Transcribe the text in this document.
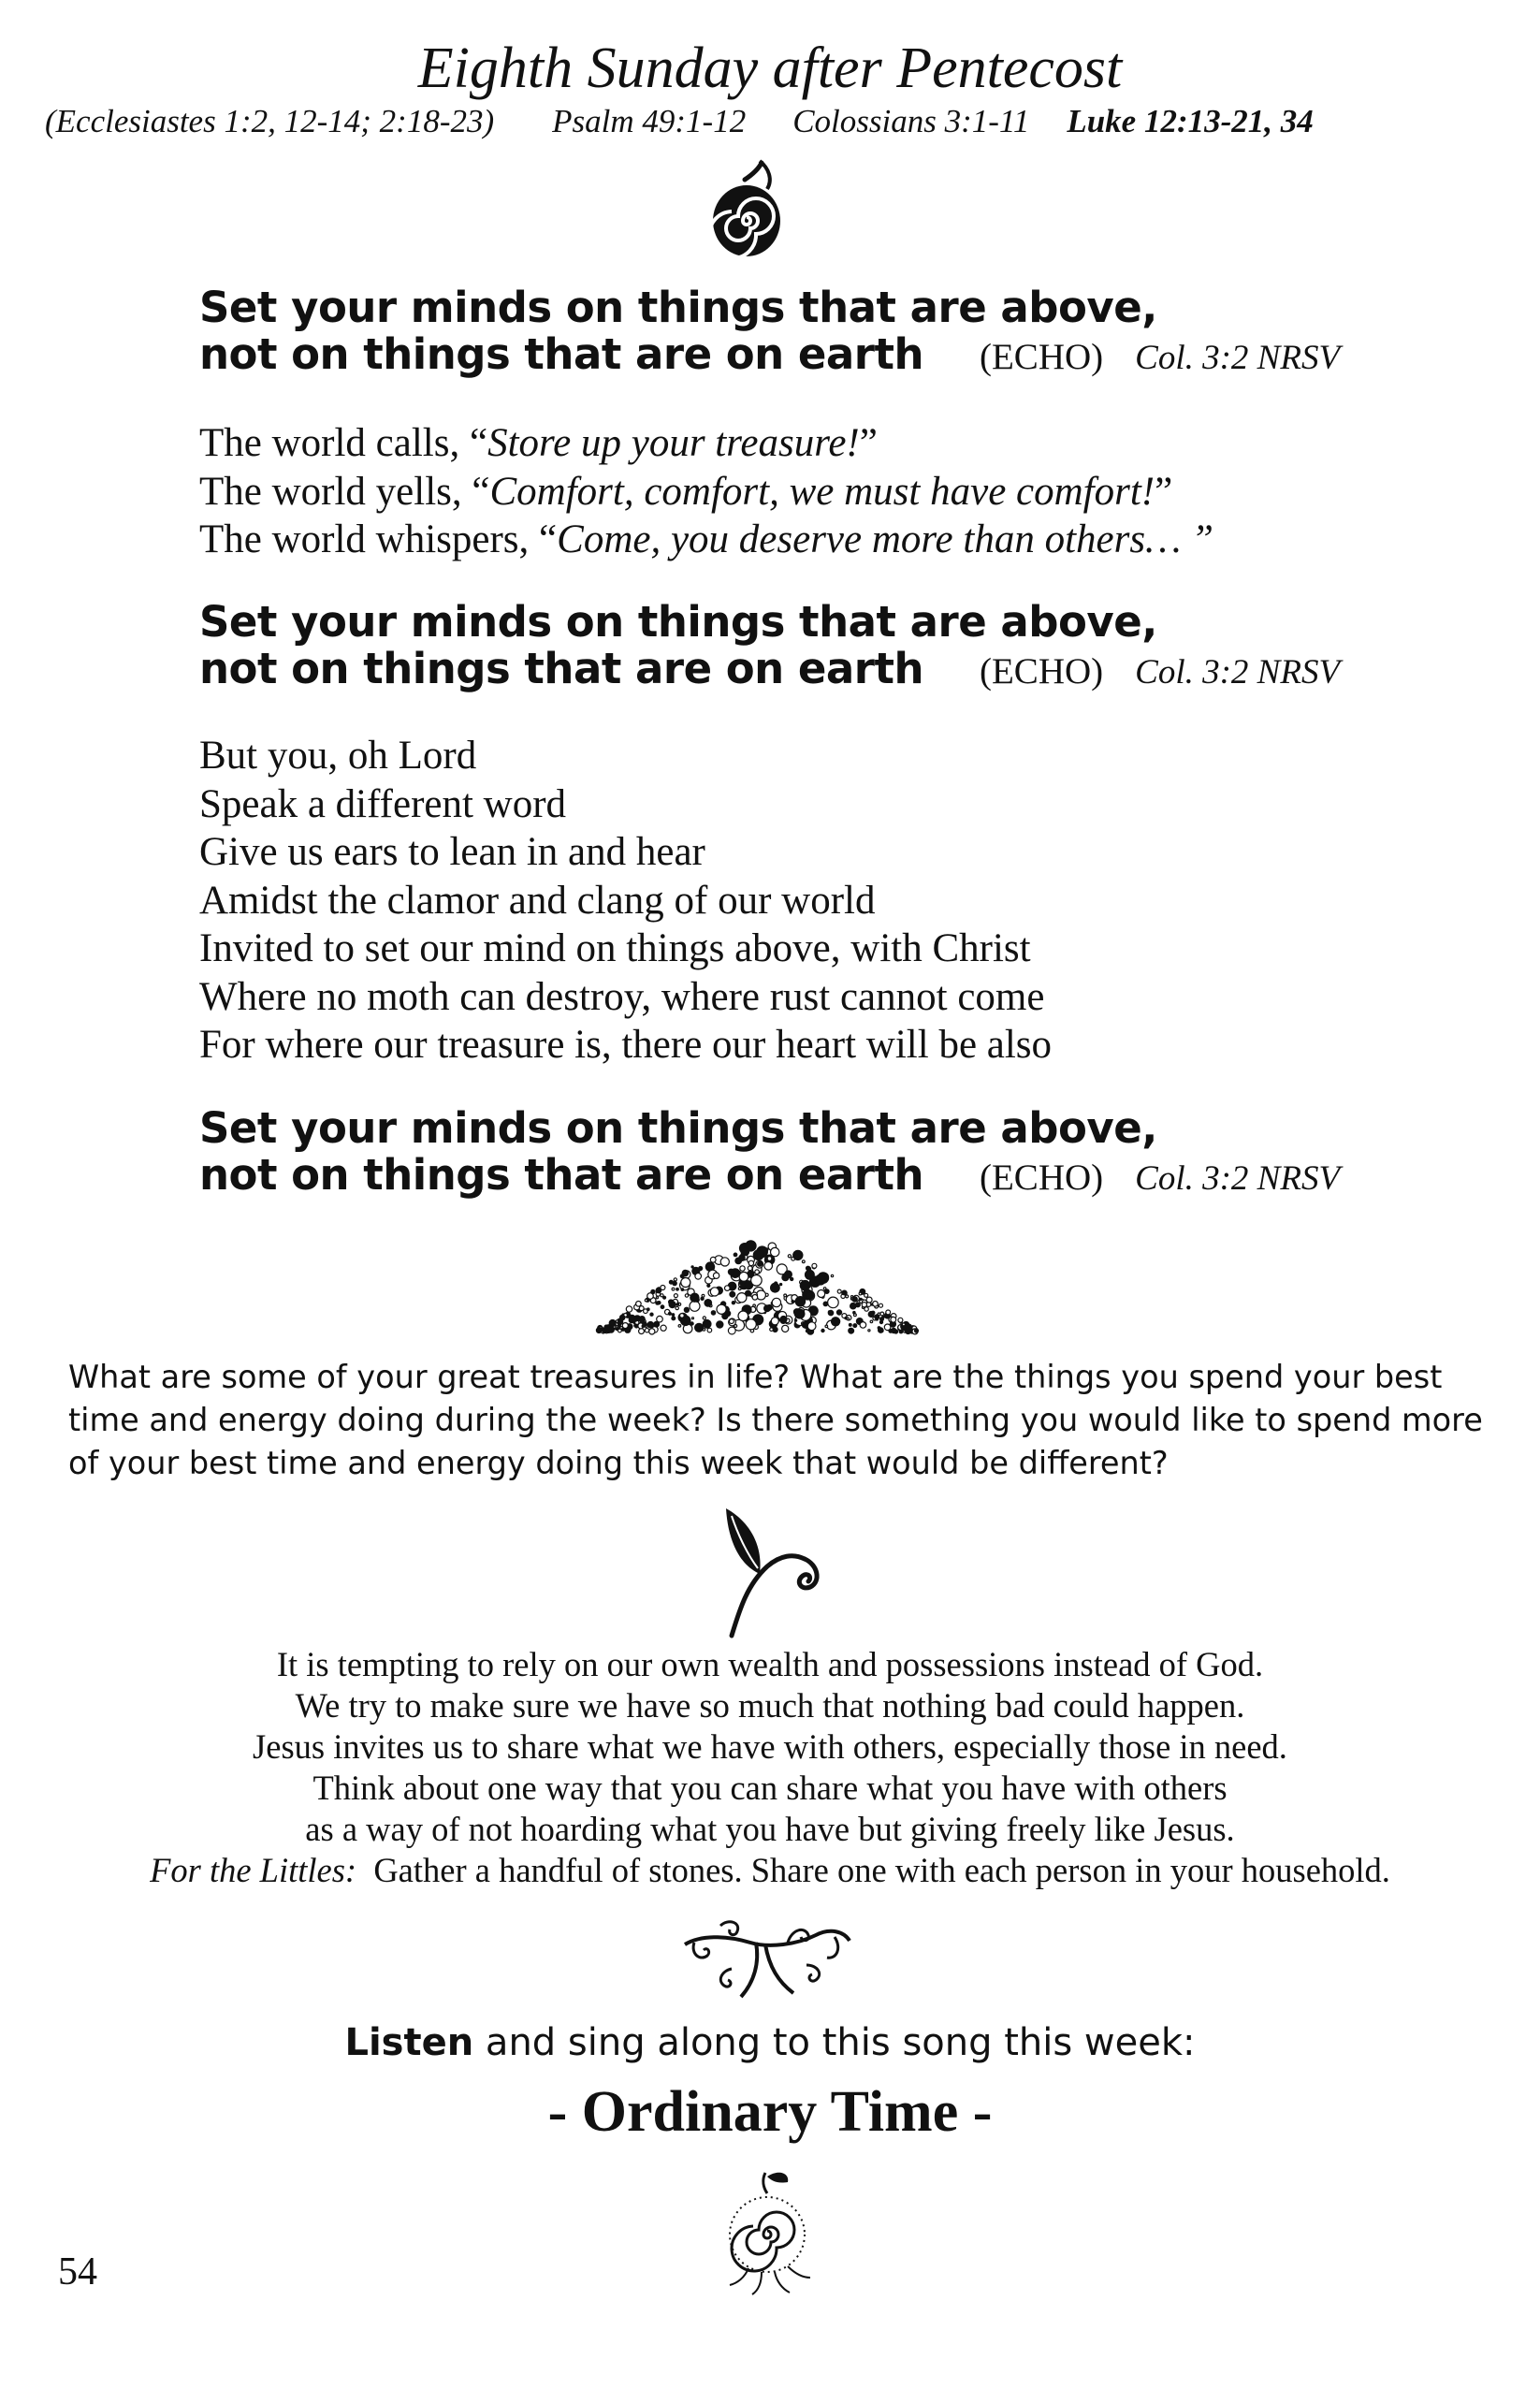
Eighth Sunday after Pentecost
(Ecclesiastes 1:2, 12-14; 2:18-23) Psalm 49:1-12 Colossians 3:1-11 Luke 12:13-21, 34
Set your minds on things that are above,
not on things that are on earth (ECHO) Col. 3:2 NRSV
The world calls, “Store up your treasure!”
The world yells, “Comfort, comfort, we must have comfort!”
The world whispers, “Come, you deserve more than others… ”
Set your minds on things that are above,
not on things that are on earth (ECHO) Col. 3:2 NRSV
But you, oh Lord
Speak a different word
Give us ears to lean in and hear
Amidst the clamor and clang of our world
Invited to set our mind on things above, with Christ
Where no moth can destroy, where rust cannot come
For where our treasure is, there our heart will be also
Set your minds on things that are above,
not on things that are on earth (ECHO) Col. 3:2 NRSV
What are some of your great treasures in life? What are the things you spend your best time and energy doing during the week? Is there something you would like to spend more of your best time and energy doing this week that would be different?
It is tempting to rely on our own wealth and possessions instead of God.
We try to make sure we have so much that nothing bad could happen.
Jesus invites us to share what we have with others, especially those in need.
Think about one way that you can share what you have with others
as a way of not hoarding what you have but giving freely like Jesus.
For the Littles: Gather a handful of stones. Share one with each person in your household.
Listen and sing along to this song this week:
- Ordinary Time -
54
